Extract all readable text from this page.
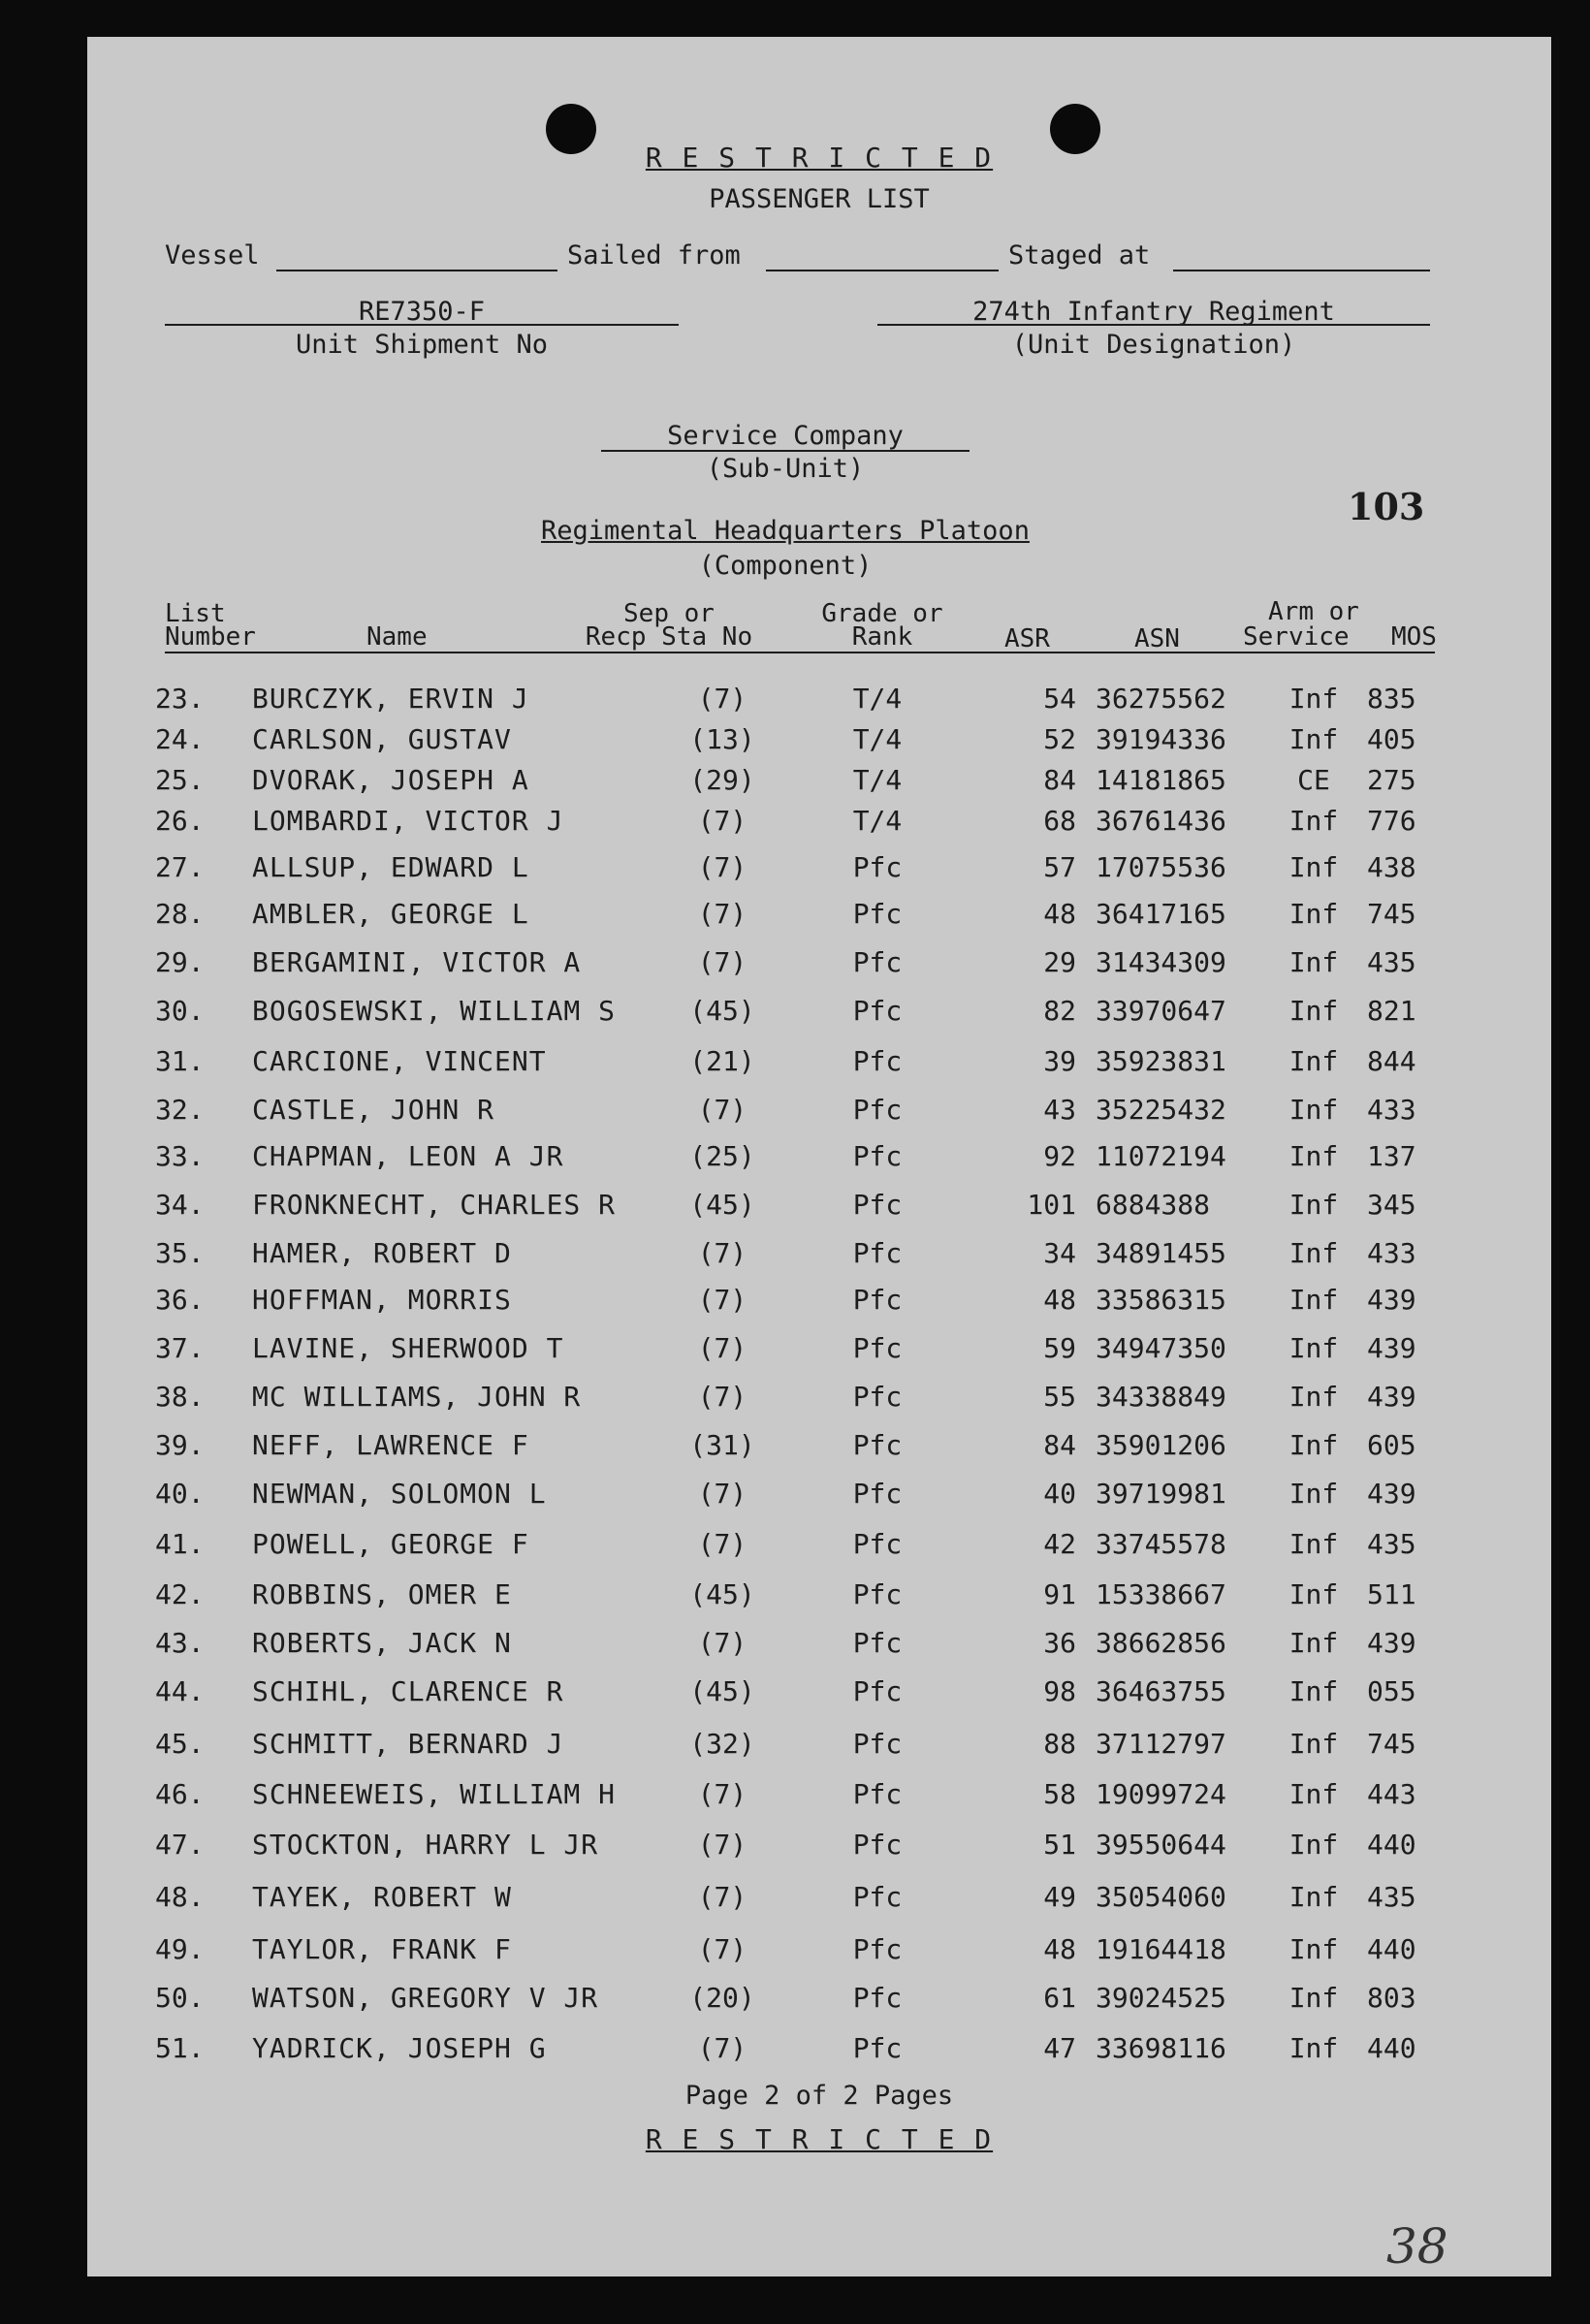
R E S T R I C T E D
PASSENGER LIST
Vessel	Sailed from	Staged at
RE7350-F
Unit Shipment No
274th Infantry Regiment
(Unit Designation)
Service Company
(Sub-Unit)
Regimental Headquarters Platoon
(Component)
103
List
Number	Name
Sep or
Recp Sta No
Grade or
Rank	ASR	ASN
Arm or
Service MOS
23. BURCZYK, ERVIN J	(7)	T/4	54 36275562	Inf	835
24. CARLSON, GUSTAV	(13)	T/4	52 39194336	Inf	405
25. DVORAK, JOSEPH A	(29)	T/4	84 14181865	CE	275
26. LOMBARDI, VICTOR J	(7)	T/4	68 36761436	Inf	776
27. ALLSUP, EDWARD L	(7)	Pfc	57 17075536	Inf	438
28. AMBLER, GEORGE L	(7)	Pfc	48 36417165	Inf	745
29. BERGAMINI, VICTOR A	(7)	Pfc	29 31434309	Inf	435
30. BOGOSEWSKI, WILLIAM S	(45)	Pfc	82 33970647	Inf	821
31. CARCIONE, VINCENT	(21)	Pfc	39 35923831	Inf	844
32. CASTLE, JOHN R	(7)	Pfc	43 35225432	Inf	433
33. CHAPMAN, LEON A JR	(25)	Pfc	92 11072194	Inf	137
34. FRONKNECHT, CHARLES R	(45)	Pfc	101 6884388	Inf	345
35. HAMER, ROBERT D	(7)	Pfc	34 34891455	Inf	433
36. HOFFMAN, MORRIS	(7)	Pfc	48 33586315	Inf	439
37. LAVINE, SHERWOOD T	(7)	Pfc	59 34947350	Inf	439
38. MC WILLIAMS, JOHN R	(7)	Pfc	55 34338849	Inf	439
39. NEFF, LAWRENCE F	(31)	Pfc	84 35901206	Inf	605
40. NEWMAN, SOLOMON L	(7)	Pfc	40 39719981	Inf	439
41. POWELL, GEORGE F	(7)	Pfc	42 33745578	Inf	435
42. ROBBINS, OMER E	(45)	Pfc	91 15338667	Inf	511
43. ROBERTS, JACK N	(7)	Pfc	36 38662856	Inf	439
44. SCHIHL, CLARENCE R	(45)	Pfc	98 36463755	Inf	055
45. SCHMITT, BERNARD J	(32)	Pfc	88 37112797	Inf	745
46. SCHNEEWEIS, WILLIAM H	(7)	Pfc	58 19099724	Inf	443
47. STOCKTON, HARRY L JR	(7)	Pfc	51 39550644	Inf	440
48. TAYEK, ROBERT W	(7)	Pfc	49 35054060	Inf	435
49. TAYLOR, FRANK F	(7)	Pfc	48 19164418	Inf	440
50. WATSON, GREGORY V JR	(20)	Pfc	61 39024525	Inf	803
51. YADRICK, JOSEPH G	(7)	Pfc	47 33698116	Inf	440
Page 2 of 2 Pages
R E S T R I C T E D
38
